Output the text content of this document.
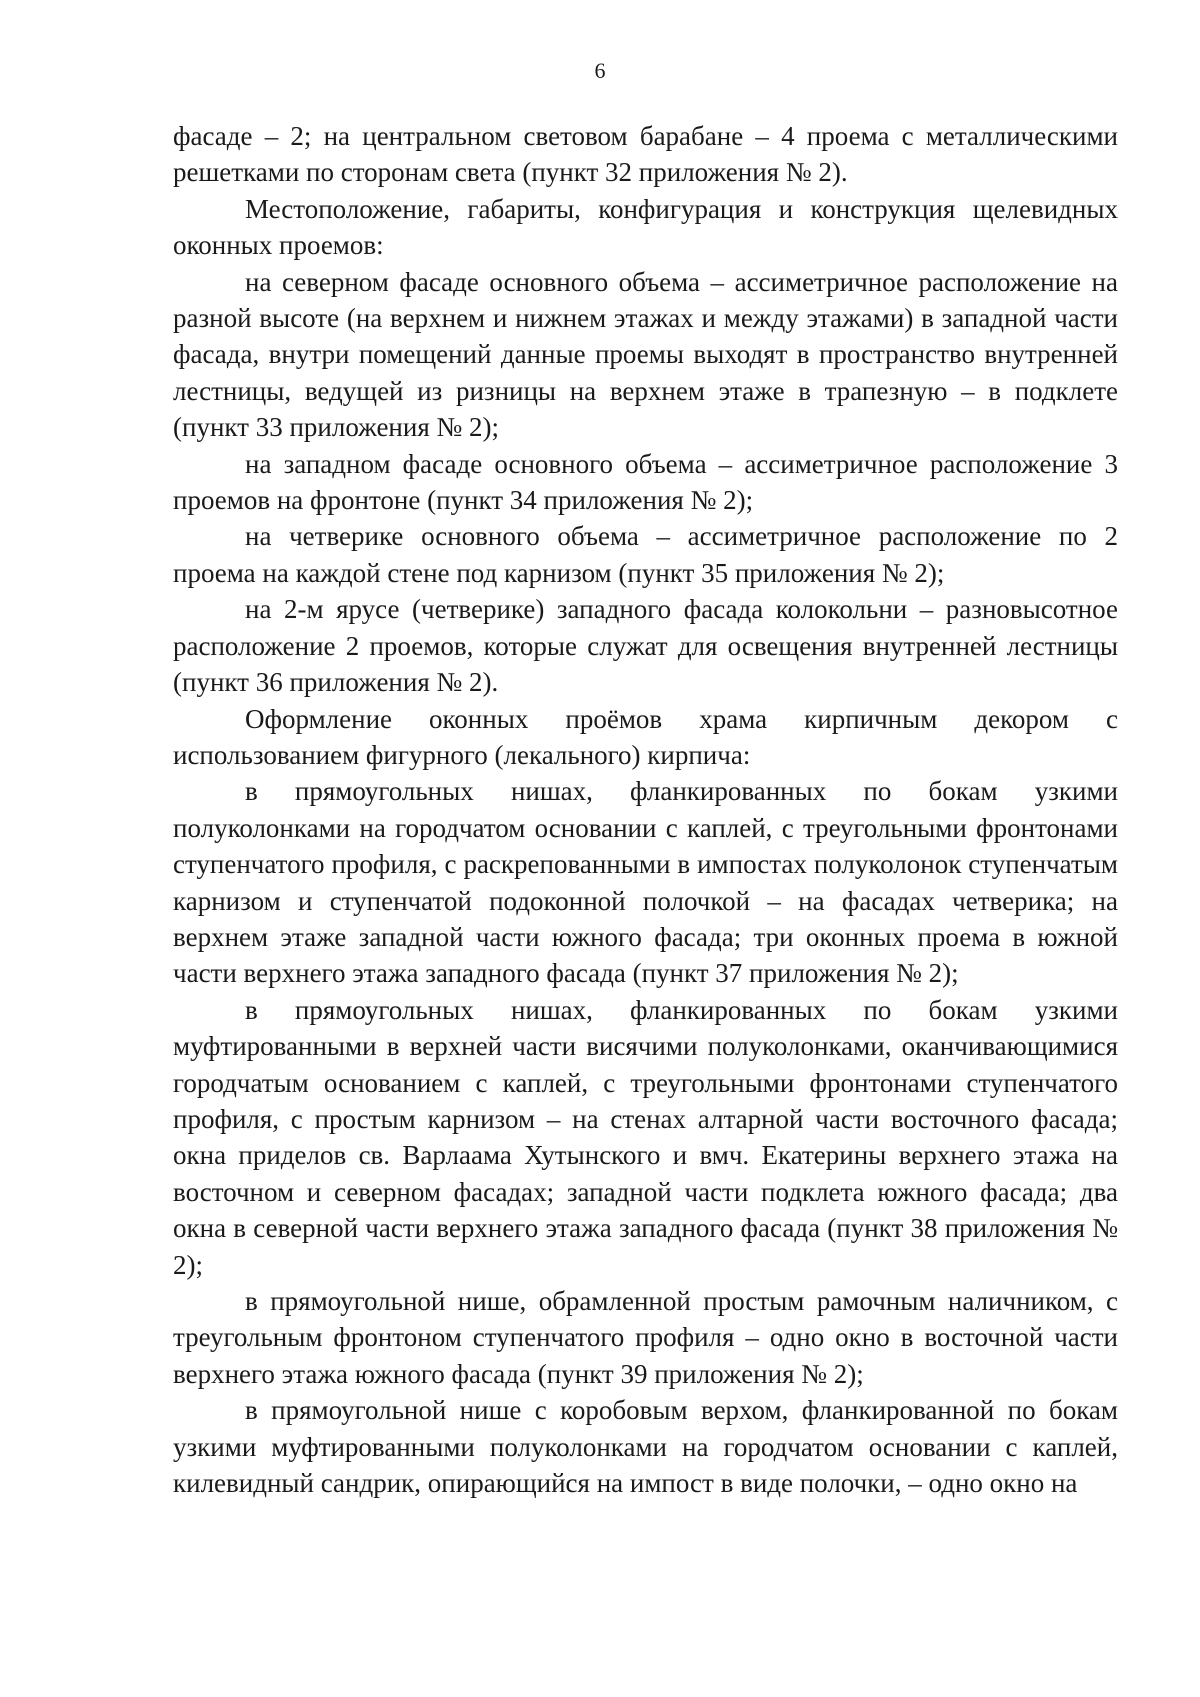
6

фасаде – 2; на центральном световом барабане – 4 проема с металлическими решетками по сторонам света (пункт 32 приложения № 2).

Местоположение, габариты, конфигурация и конструкция щелевидных оконных проемов:

на северном фасаде основного объема – ассиметричное расположение на разной высоте (на верхнем и нижнем этажах и между этажами) в западной части фасада, внутри помещений данные проемы выходят в пространство внутренней лестницы, ведущей из ризницы на верхнем этаже в трапезную – в подклете (пункт 33 приложения № 2);

на западном фасаде основного объема – ассиметричное расположение 3 проемов на фронтоне (пункт 34 приложения № 2);

на четверике основного объема – ассиметричное расположение по 2 проема на каждой стене под карнизом (пункт 35 приложения № 2);

на 2-м ярусе (четверике) западного фасада колокольни – разновысотное расположение 2 проемов, которые служат для освещения внутренней лестницы (пункт 36 приложения № 2).

Оформление оконных проёмов храма кирпичным декором с использованием фигурного (лекального) кирпича:

в прямоугольных нишах, фланкированных по бокам узкими полуколонками на городчатом основании с каплей, с треугольными фронтонами ступенчатого профиля, с раскрепованными в импостах полуколонок ступенчатым карнизом и ступенчатой подоконной полочкой – на фасадах четверика; на верхнем этаже западной части южного фасада; три оконных проема в южной части верхнего этажа западного фасада (пункт 37 приложения № 2);

в прямоугольных нишах, фланкированных по бокам узкими муфтированными в верхней части висячими полуколонками, оканчивающимися городчатым основанием с каплей, с треугольными фронтонами ступенчатого профиля, с простым карнизом – на стенах алтарной части восточного фасада; окна приделов св. Варлаама Хутынского и вмч. Екатерины верхнего этажа на восточном и северном фасадах; западной части подклета южного фасада; два окна в северной части верхнего этажа западного фасада (пункт 38 приложения № 2);

в прямоугольной нише, обрамленной простым рамочным наличником, с треугольным фронтоном ступенчатого профиля – одно окно в восточной части верхнего этажа южного фасада (пункт 39 приложения № 2);

в прямоугольной нише с коробовым верхом, фланкированной по бокам узкими муфтированными полуколонками на городчатом основании с каплей, килевидный сандрик, опирающийся на импост в виде полочки, – одно окно на
